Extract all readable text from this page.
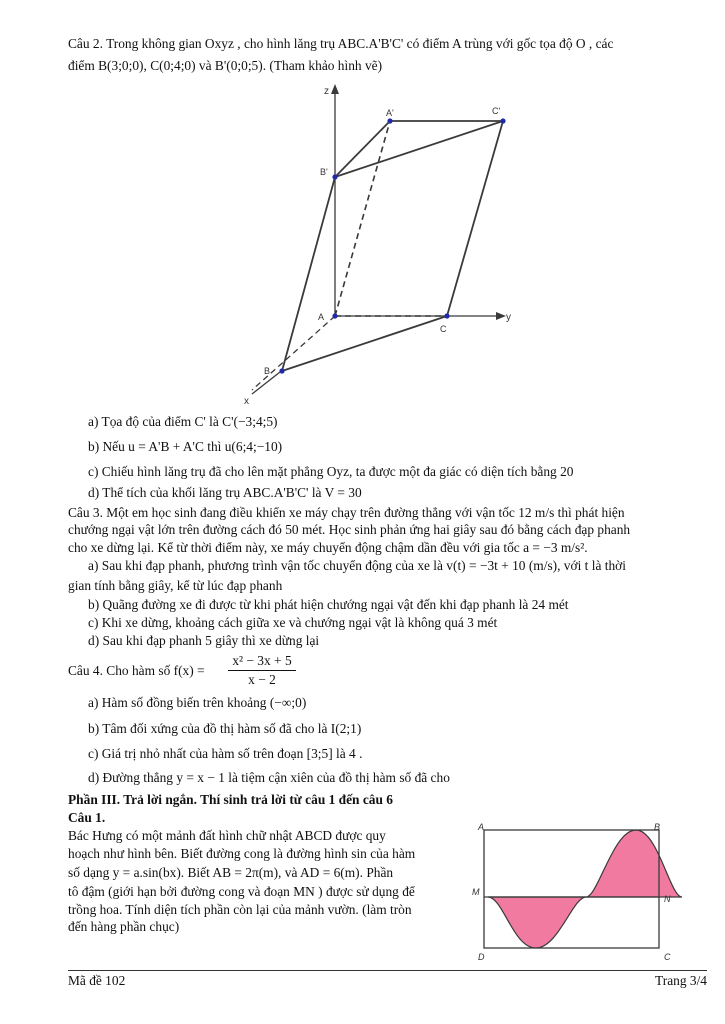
Câu 2. Trong không gian Oxyz , cho hình lăng trụ ABC.A'B'C' có điểm A trùng với gốc tọa độ O , các
điểm B(3;0;0), C(0;4;0) và B'(0;0;5). (Tham khảo hình vẽ)
z
y
x
A'	C'
B'
A
C
B
a) Tọa độ của điểm C' là C'(−3;4;5)
b) Nếu u = A'B + A'C thì u(6;4;−10)
c) Chiếu hình lăng trụ đã cho lên mặt phẳng Oyz, ta được một đa giác có diện tích bằng 20
d) Thể tích của khối lăng trụ ABC.A'B'C' là V = 30
Câu 3. Một em học sinh đang điều khiển xe máy chạy trên đường thẳng với vận tốc 12 m/s thì phát hiện
chướng ngại vật lớn trên đường cách đó 50 mét. Học sinh phản ứng hai giây sau đó bằng cách đạp phanh
cho xe dừng lại. Kể từ thời điểm này, xe máy chuyển động chậm dần đều với gia tốc a = −3 m/s².
a) Sau khi đạp phanh, phương trình vận tốc chuyển động của xe là v(t) = −3t + 10 (m/s), với t là thời
gian tính bằng giây, kể từ lúc đạp phanh
b) Quãng đường xe đi được từ khi phát hiện chướng ngại vật đến khi đạp phanh là 24 mét
c) Khi xe dừng, khoảng cách giữa xe và chướng ngại vật là không quá 3 mét
d) Sau khi đạp phanh 5 giây thì xe dừng lại
Câu 4. Cho hàm số f(x) =	$\frac{\text{x² − 3x + 5}}{x - 2}$
a) Hàm số đồng biến trên khoảng (−∞;0)
b) Tâm đối xứng của đồ thị hàm số đã cho là I(2;1)
c) Giá trị nhỏ nhất của hàm số trên đoạn [3;5] là 4 .
d) Đường thẳng y = x − 1 là tiệm cận xiên của đồ thị hàm số đã cho
Phần III. Trả lời ngắn. Thí sinh trả lời từ câu 1 đến câu 6
Câu 1.
Bác Hưng có một mảnh đất hình chữ nhật ABCD được quy
hoạch như hình bên. Biết đường cong là đường hình sin của hàm
số dạng y = a.sin(bx). Biết AB = 2π(m), và AD = 6(m). Phần
tô đậm (giới hạn bởi đường cong và đoạn MN ) được sử dụng để
trồng hoa. Tính diện tích phần còn lại của mảnh vườn. (làm tròn
đến hàng phần chục)
A	B
D	C
M
N
Mã đề 102	Trang 3/4
